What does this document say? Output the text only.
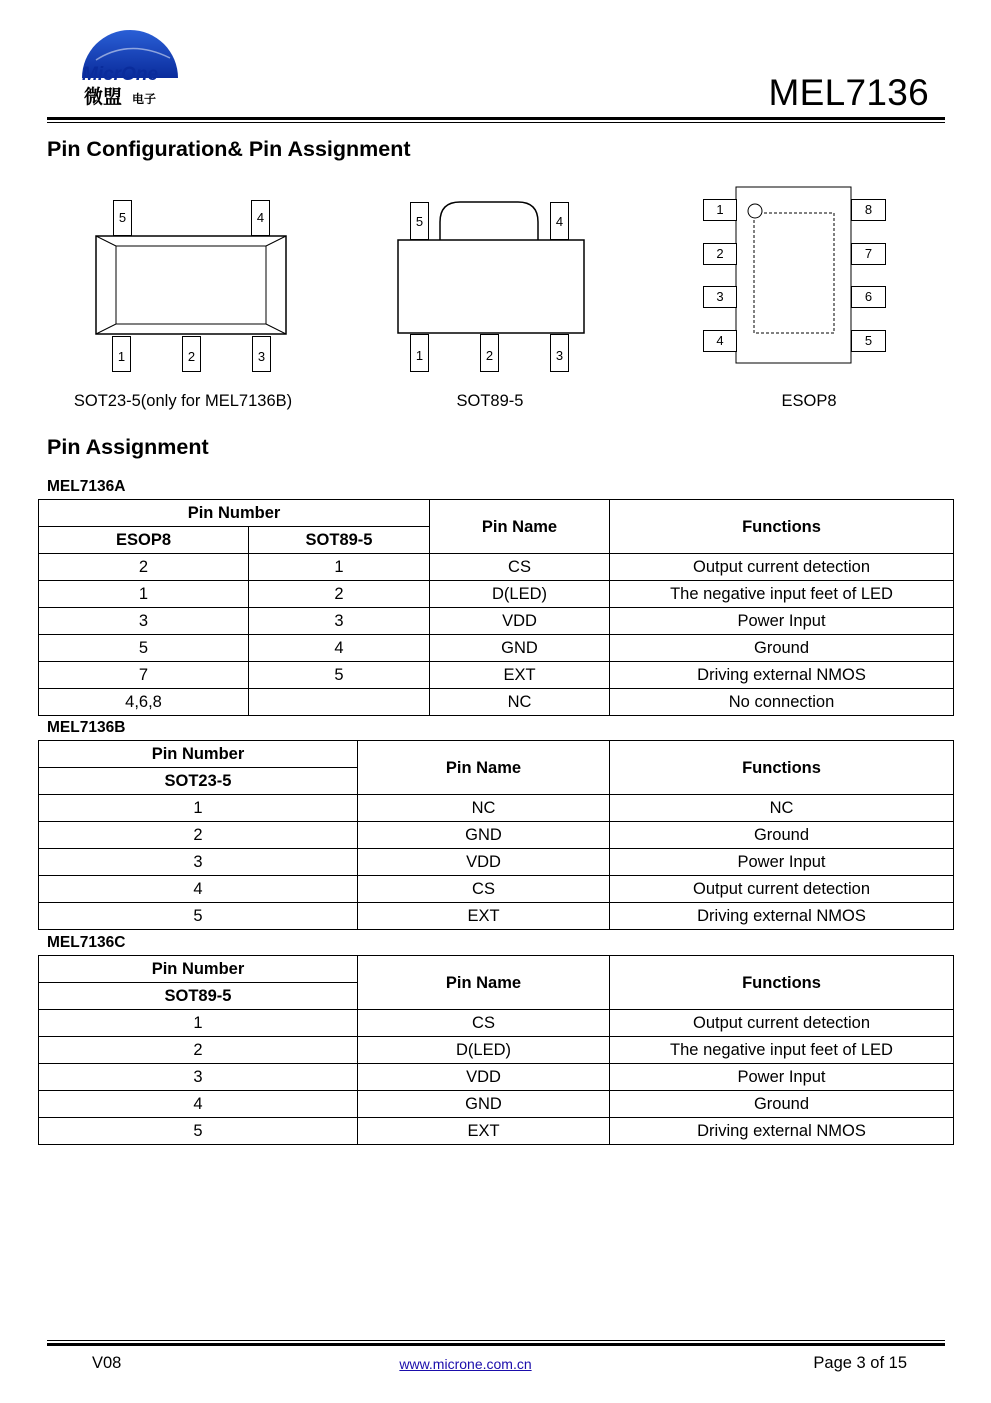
MicrOne
微盟 电子	MEL7136
Pin Configuration& Pin Assignment
5	4
1	2	3
SOT23-5(only for MEL7136B)
5	4
1	2	3
SOT89-5
1
2
3
4
8
7
6
5
ESOP8
Pin Assignment
MEL7136A
Pin Number		Pin Name	Functions
ESOP8	SOT89-5		
2	1	CS	Output current detection
1	2	D(LED)	The negative input feet of LED
3	3	VDD	Power Input
5	4	GND	Ground
7	5	EXT	Driving external NMOS
4,6,8		NC	No connection
MEL7136B
Pin Number	Pin Name	Functions
SOT23-5		
1	NC	NC
2	GND	Ground
3	VDD	Power Input
4	CS	Output current detection
5	EXT	Driving external NMOS
MEL7136C
Pin Number	Pin Name	Functions
SOT89-5		
1	CS	Output current detection
2	D(LED)	The negative input feet of LED
3	VDD	Power Input
4	GND	Ground
5	EXT	Driving external NMOS
V08	www.microne.com.cn	Page 3 of 15
